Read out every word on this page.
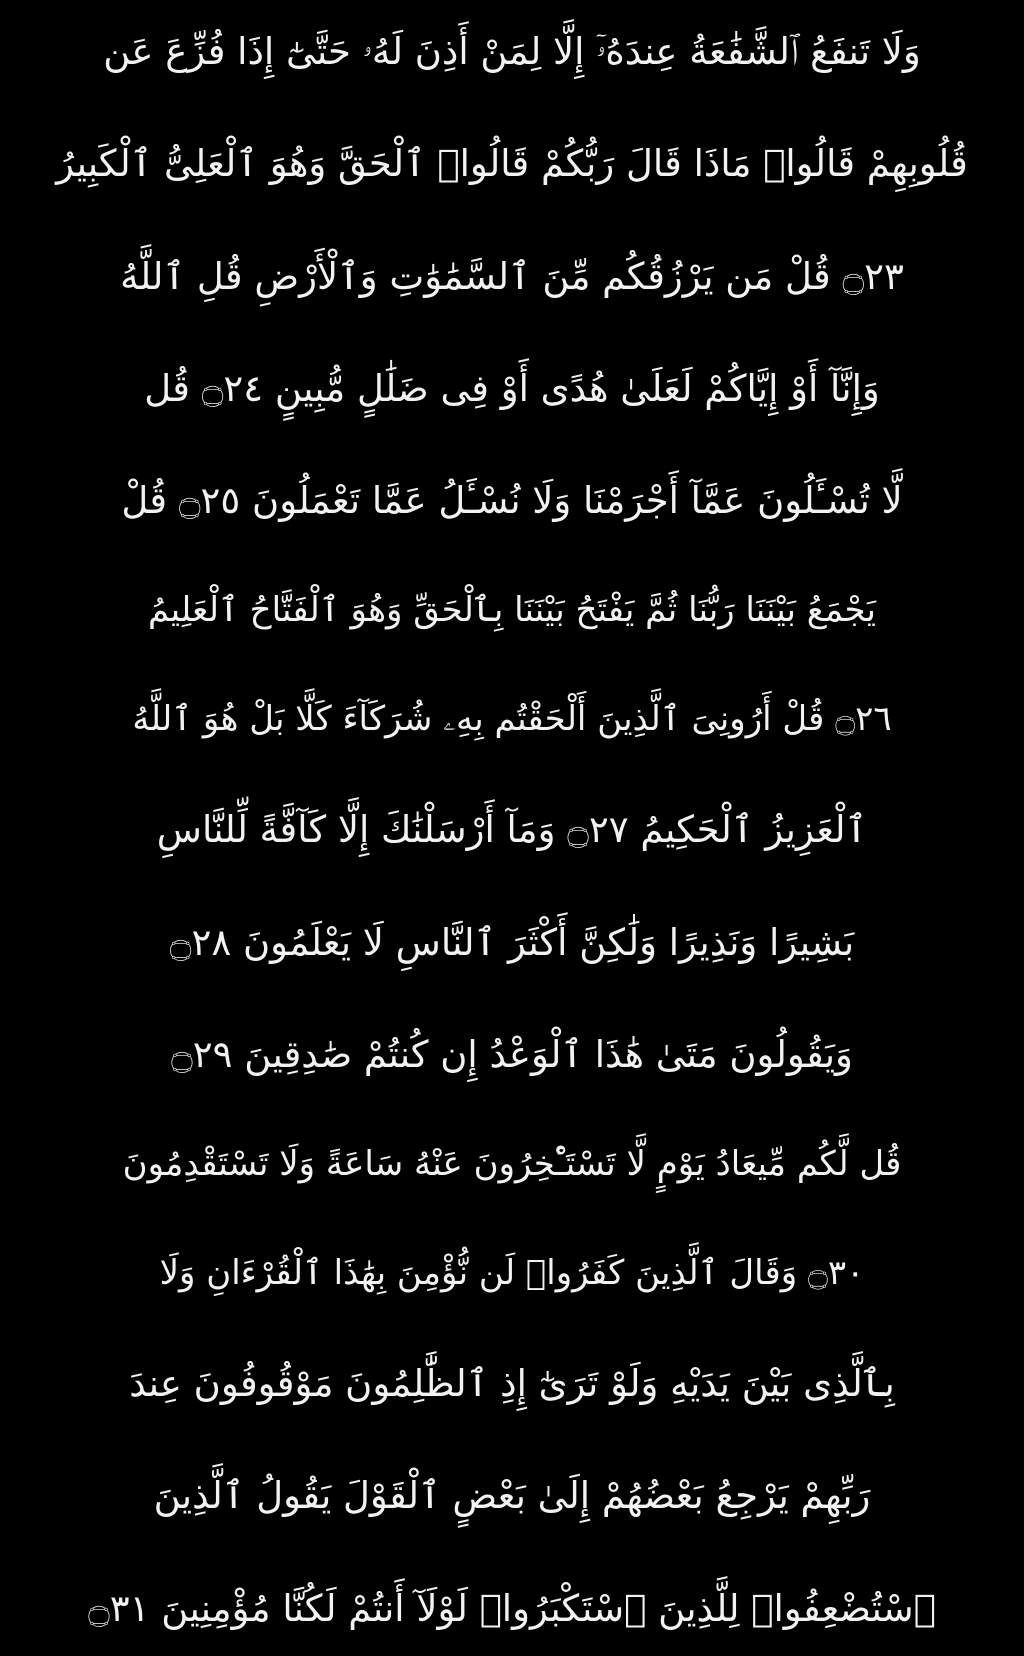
وَلَا تَنفَعُ ٱلشَّفَٰعَةُ عِندَهُۥٓ إِلَّا لِمَنْ أَذِنَ لَهُۥ حَتَّىٰٓ إِذَا فُزِّعَ عَن
قُلُوبِهِمْ قَالُوا۟ مَاذَا قَالَ رَبُّكُمْ قَالُوا۟ ٱلْحَقَّ وَهُوَ ٱلْعَلِىُّ ٱلْكَبِيرُ
۝٢٣ قُلْ مَن يَرْزُقُكُم مِّنَ ٱلسَّمَٰوَٰتِ وَٱلْأَرْضِ قُلِ ٱللَّهُ
وَإِنَّآ أَوْ إِيَّاكُمْ لَعَلَىٰ هُدًى أَوْ فِى ضَلَٰلٍ مُّبِينٍ ۝٢٤ قُل
لَّا تُسْـَٔلُونَ عَمَّآ أَجْرَمْنَا وَلَا نُسْـَٔلُ عَمَّا تَعْمَلُونَ ۝٢٥ قُلْ
يَجْمَعُ بَيْنَنَا رَبُّنَا ثُمَّ يَفْتَحُ بَيْنَنَا بِٱلْحَقِّ وَهُوَ ٱلْفَتَّاحُ ٱلْعَلِيمُ
۝٢٦ قُلْ أَرُونِىَ ٱلَّذِينَ أَلْحَقْتُم بِهِۦ شُرَكَآءَ كَلَّا بَلْ هُوَ ٱللَّهُ
ٱلْعَزِيزُ ٱلْحَكِيمُ ۝٢٧ وَمَآ أَرْسَلْنَٰكَ إِلَّا كَآفَّةً لِّلنَّاسِ
بَشِيرًا وَنَذِيرًا وَلَٰكِنَّ أَكْثَرَ ٱلنَّاسِ لَا يَعْلَمُونَ ۝٢٨
وَيَقُولُونَ مَتَىٰ هَٰذَا ٱلْوَعْدُ إِن كُنتُمْ صَٰدِقِينَ ۝٢٩
قُل لَّكُم مِّيعَادُ يَوْمٍ لَّا تَسْتَـْٔخِرُونَ عَنْهُ سَاعَةً وَلَا تَسْتَقْدِمُونَ
۝٣٠ وَقَالَ ٱلَّذِينَ كَفَرُوا۟ لَن نُّؤْمِنَ بِهَٰذَا ٱلْقُرْءَانِ وَلَا
بِٱلَّذِى بَيْنَ يَدَيْهِ وَلَوْ تَرَىٰٓ إِذِ ٱلظَّٰلِمُونَ مَوْقُوفُونَ عِندَ
رَبِّهِمْ يَرْجِعُ بَعْضُهُمْ إِلَىٰ بَعْضٍ ٱلْقَوْلَ يَقُولُ ٱلَّذِينَ
ٱسْتُضْعِفُوا۟ لِلَّذِينَ ٱسْتَكْبَرُوا۟ لَوْلَآ أَنتُمْ لَكُنَّا مُؤْمِنِينَ ۝٣١
